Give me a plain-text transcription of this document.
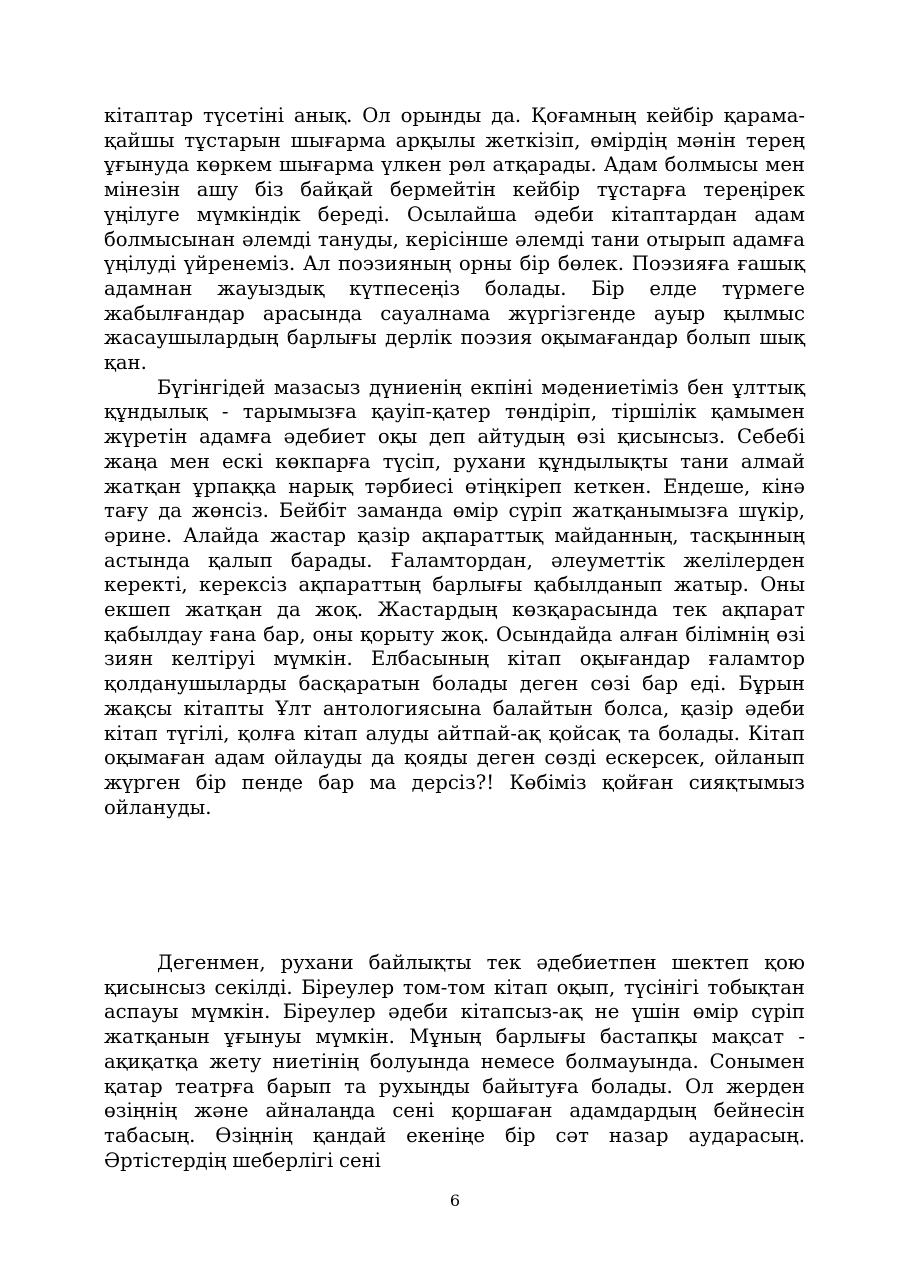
кітаптар түсетіні анық. Ол орынды да. Қоғамның кейбір қарама-қайшы тұстарын шығарма арқылы жеткізіп, өмірдің мәнін терең ұғынуда көркем шығарма үлкен рөл атқарады. Адам болмысы мен мінезін ашу біз байқай бермейтін кейбір тұстарға тереңірек үңілуге мүмкіндік береді. Осылайша әдеби кітаптардан адам болмысынан әлемді тануды, керісінше әлемді тани отырып адамға үңілуді үйренеміз. Ал поэзияның орны бір бөлек. Поэзияға ғашық адамнан жауыздық күтпесеңіз болады. Бір елде түрмеге жабылғандар арасында сауалнама жүргізгенде ауыр қылмыс жасаушылардың барлығы дерлік поэзия оқымағандар болып шық қан.

Бүгінгідей мазасыз дүниенің екпіні мәдениетіміз бен ұлттық құндылық - тарымызға қауіп-қатер төндіріп, тіршілік қамымен жүретін адамға әдебиет оқы деп айтудың өзі қисынсыз. Себебі жаңа мен ескі көкпарға түсіп, рухани құндылықты тани алмай жатқан ұрпаққа нарық тәрбиесі өтіңкіреп кеткен. Ендеше, кінә тағу да жөнсіз. Бейбіт заманда өмір сүріп жатқанымызға шүкір, әрине. Алайда жастар қазір ақпараттық майданның, тасқынның астында қалып барады. Ғаламтордан, әлеуметтік желілерден керекті, керексіз ақпараттың барлығы қабылданып жатыр. Оны екшеп жатқан да жоқ. Жастардың көзқарасында тек ақпарат қабылдау ғана бар, оны қорыту жоқ. Осындайда алған білімнің өзі зиян келтіруі мүмкін. Елбасының кітап оқығандар ғаламтор қолданушыларды басқаратын болады деген сөзі бар еді. Бұрын жақсы кітапты Ұлт антологиясына балайтын болса, қазір әдеби кітап түгілі, қолға кітап алуды айтпай-ақ қойсақ та болады. Кітап оқымаған адам ойлауды да қояды деген сөзді ескерсек, ойланып жүрген бір пенде бар ма дерсіз?! Көбіміз қойған сияқтымыз ойлануды.

Дегенмен, рухани байлықты тек әдебиетпен шектеп қою қисынсыз секілді. Біреулер том-том кітап оқып, түсінігі тобықтан аспауы мүмкін. Біреулер әдеби кітапсыз-ақ не үшін өмір сүріп жатқанын ұғынуы мүмкін. Мұның барлығы бастапқы мақсат - ақиқатқа жету ниетінің болуында немесе болмауында. Сонымен қатар театрға барып та рухыңды байытуға болады. Ол жерден өзіңнің және айналаңда сені қоршаған адамдардың бейнесін табасың. Өзіңнің қандай екеніңе бір сәт назар аударасың. Әртістердің шеберлігі сені

6
